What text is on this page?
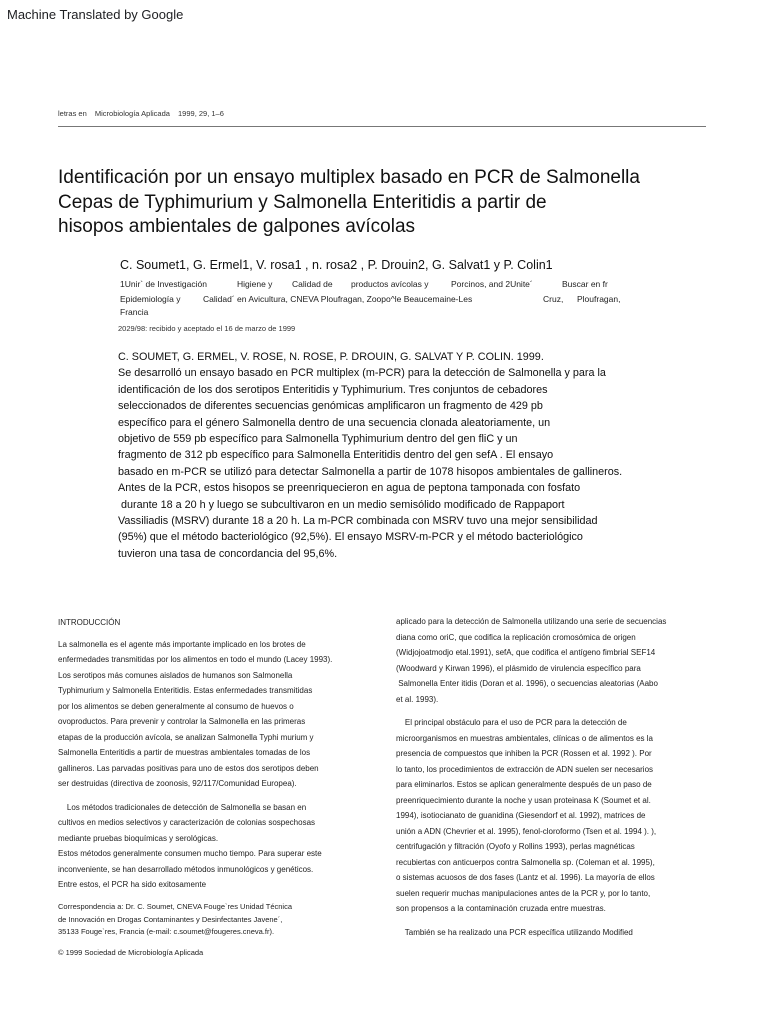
Machine Translated by Google
letras en Microbiología Aplicada 1999, 29, 1–6
Identificación por un ensayo multiplex basado en PCR de Salmonella
Cepas de Typhimurium y Salmonella Enteritidis a partir de
hisopos ambientales de galpones avícolas
C. Soumet1, G. Ermel1, V. rosa1 , n. rosa2 , P. Drouin2, G. Salvat1 y P. Colin1
1Unir` de Investigación	Higiene y Calidad de productos avícolas y	Porcinos, and 2Unite´	Buscar en fr
Epidemiología y	Calidad´ en Avicultura, CNEVA Ploufragan, Zoopo^le Beaucemaine-Les	Cruz, Ploufragan,
Francia
2029/98: recibido y aceptado el 16 de marzo de 1999
C. SOUMET, G. ERMEL, V. ROSE, N. ROSE, P. DROUIN, G. SALVAT Y P. COLIN. 1999.
Se desarrolló un ensayo basado en PCR multiplex (m-PCR) para la detección de Salmonella y para la
identificación de los dos serotipos Enteritidis y Typhimurium. Tres conjuntos de cebadores
seleccionados de diferentes secuencias genómicas amplificaron un fragmento de 429 pb
específico para el género Salmonella dentro de una secuencia clonada aleatoriamente, un
objetivo de 559 pb específico para Salmonella Typhimurium dentro del gen fliC y un
fragmento de 312 pb específico para Salmonella Enteritidis dentro del gen sefA . El ensayo
basado en m-PCR se utilizó para detectar Salmonella a partir de 1078 hisopos ambientales de gallineros.
Antes de la PCR, estos hisopos se preenriquecieron en agua de peptona tamponada con fosfato
durante 18 a 20 h y luego se subcultivaron en un medio semisólido modificado de Rappaport
Vassiliadis (MSRV) durante 18 a 20 h. La m-PCR combinada con MSRV tuvo una mejor sensibilidad
(95%) que el método bacteriológico (92,5%). El ensayo MSRV-m-PCR y el método bacteriológico
tuvieron una tasa de concordancia del 95,6%.
INTRODUCCIÓN
La salmonella es el agente más importante implicado en los brotes de
enfermedades transmitidas por los alimentos en todo el mundo (Lacey 1993).
Los serotipos más comunes aislados de humanos son Salmonella
Typhimurium y Salmonella Enteritidis. Estas enfermedades transmitidas
por los alimentos se deben generalmente al consumo de huevos o
ovoproductos. Para prevenir y controlar la Salmonella en las primeras
etapas de la producción avícola, se analizan Salmonella Typhi murium y
Salmonella Enteritidis a partir de muestras ambientales tomadas de los
gallineros. Las parvadas positivas para uno de estos dos serotipos deben
ser destruidas (directiva de zoonosis, 92/117/Comunidad Europea).
Los métodos tradicionales de detección de Salmonella se basan en
cultivos en medios selectivos y caracterización de colonias sospechosas
mediante pruebas bioquímicas y serológicas.
Estos métodos generalmente consumen mucho tiempo. Para superar este
inconveniente, se han desarrollado métodos inmunológicos y genéticos.
Entre estos, el PCR ha sido exitosamente
aplicado para la detección de Salmonella utilizando una serie de secuencias
diana como oriC, que codifica la replicación cromosómica de origen
(Widjojoatmodjo etal.1991), sefA, que codifica el antígeno fimbrial SEF14
(Woodward y Kirwan 1996), el plásmido de virulencia específico para
Salmonella Enter itidis (Doran et al. 1996), o secuencias aleatorias (Aabo
et al. 1993).
El principal obstáculo para el uso de PCR para la detección de
microorganismos en muestras ambientales, clínicas o de alimentos es la
presencia de compuestos que inhiben la PCR (Rossen et al. 1992 ). Por
lo tanto, los procedimientos de extracción de ADN suelen ser necesarios
para eliminarlos. Estos se aplican generalmente después de un paso de
preenriquecimiento durante la noche y usan proteinasa K (Soumet et al.
1994), isotiocianato de guanidina (Giesendorf et al. 1992), matrices de
unión a ADN (Chevrier et al. 1995), fenol-cloroformo (Tsen et al. 1994 ). ),
centrifugación y filtración (Oyofo y Rollins 1993), perlas magnéticas
recubiertas con anticuerpos contra Salmonella sp. (Coleman et al. 1995),
o sistemas acuosos de dos fases (Lantz et al. 1996). La mayoría de ellos
suelen requerir muchas manipulaciones antes de la PCR y, por lo tanto,
son propensos a la contaminación cruzada entre muestras.
También se ha realizado una PCR específica utilizando Modified
Correspondencia a: Dr. C. Soumet, CNEVA Fouge`res Unidad Técnica
de Innovación en Drogas Contaminantes y Desinfectantes Javene´,
35133 Fouge`res, Francia (e-mail: c.soumet@fougeres.cneva.fr).
© 1999 Sociedad de Microbiología Aplicada
